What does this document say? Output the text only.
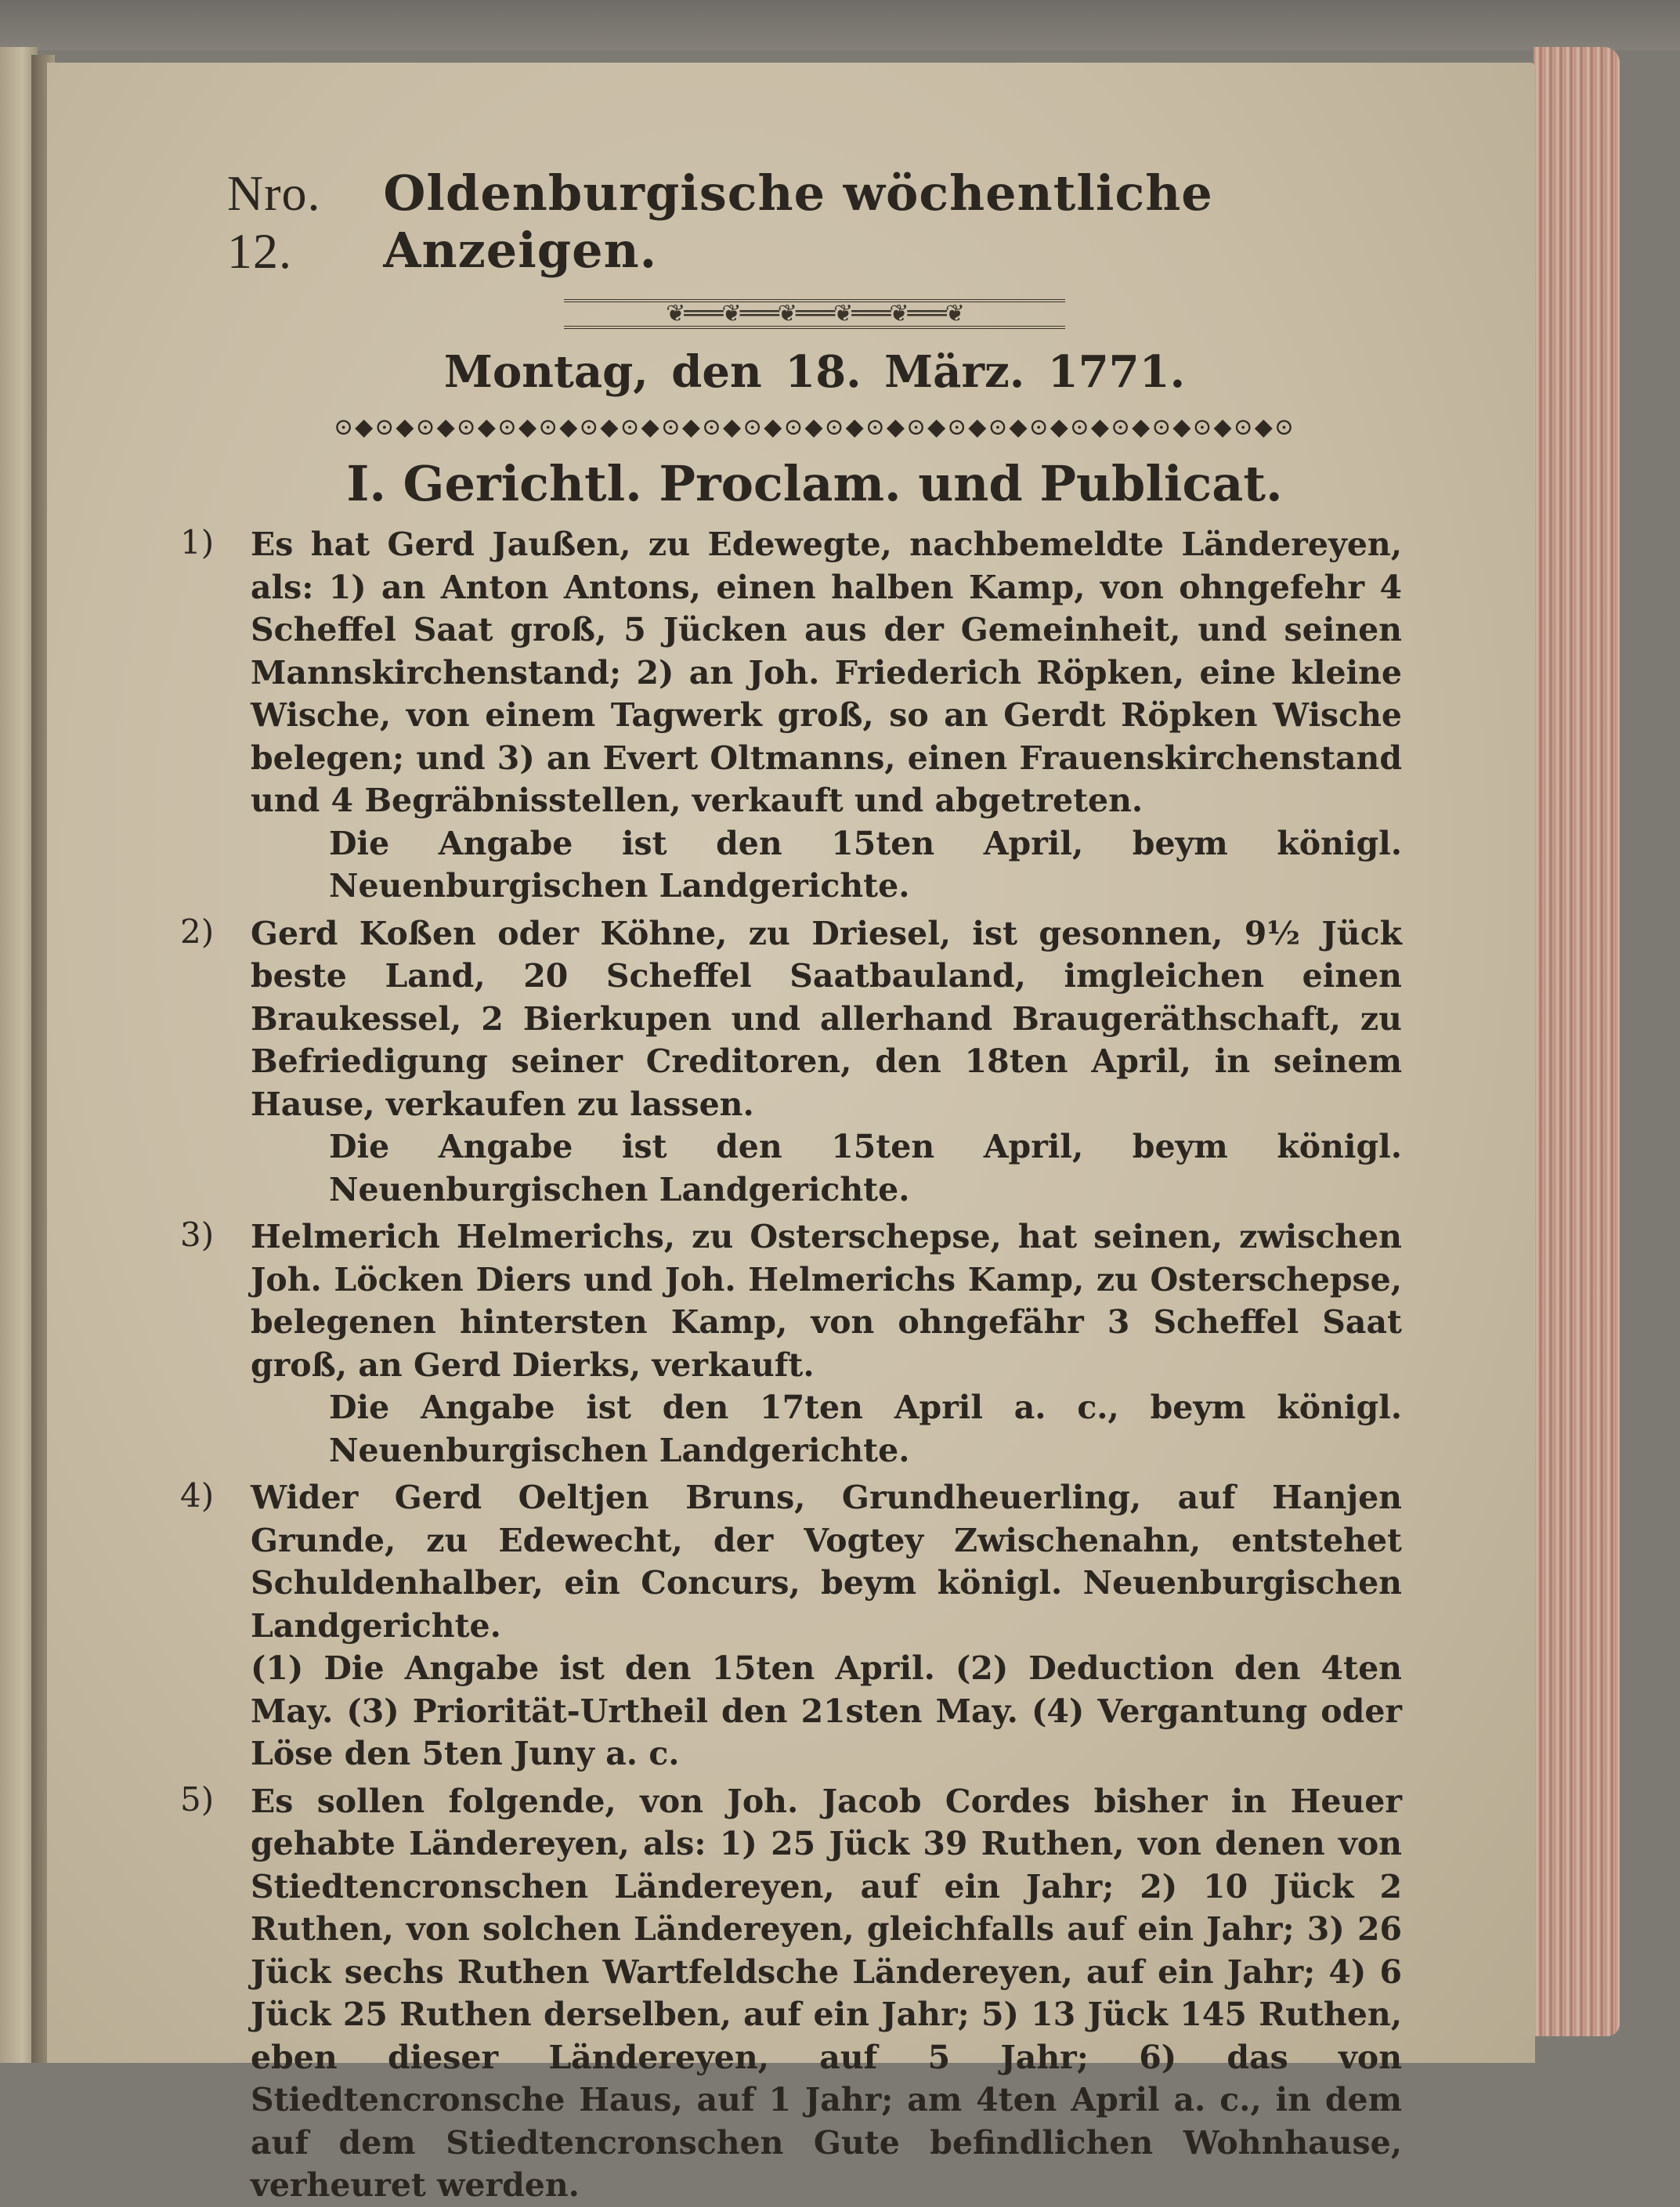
Nro. 12.
Oldenburgische wöchentliche Anzeigen.
❦═══❦═══❦═══❦═══❦═══❦
Montag, den 18. März. 1771.
⊙◆⊙◆⊙◆⊙◆⊙◆⊙◆⊙◆⊙◆⊙◆⊙◆⊙◆⊙◆⊙◆⊙◆⊙◆⊙◆⊙◆⊙◆⊙◆⊙◆⊙◆⊙◆⊙◆⊙
I. Gerichtl. Proclam. und Publicat.
1) Es hat Gerd Jaußen, zu Edewegte, nachbemeldte Ländereyen, als: 1) an Anton Antons, einen halben Kamp, von ohngefehr 4 Scheffel Saat groß, 5 Jücken aus der Gemeinheit, und seinen Mannskirchenstand; 2) an Joh. Friederich Röpken, eine kleine Wische, von einem Tagwerk groß, so an Gerdt Röpken Wische belegen; und 3) an Evert Oltmanns, einen Frauenskirchenstand und 4 Begräbnisstellen, verkauft und abgetreten.
Die Angabe ist den 15ten April, beym königl. Neuenburgischen Landgerichte.
2) Gerd Koßen oder Köhne, zu Driesel, ist gesonnen, 9½ Jück beste Land, 20 Scheffel Saatbauland, imgleichen einen Braukessel, 2 Bierkupen und allerhand Braugeräthschaft, zu Befriedigung seiner Creditoren, den 18ten April, in seinem Hause, verkaufen zu lassen.
Die Angabe ist den 15ten April, beym königl. Neuenburgischen Landgerichte.
3) Helmerich Helmerichs, zu Osterschepse, hat seinen, zwischen Joh. Löcken Diers und Joh. Helmerichs Kamp, zu Osterschepse, belegenen hintersten Kamp, von ohngefähr 3 Scheffel Saat groß, an Gerd Dierks, verkauft.
Die Angabe ist den 17ten April a. c., beym königl. Neuenburgischen Landgerichte.
4) Wider Gerd Oeltjen Bruns, Grundheuerling, auf Hanjen Grunde, zu Edewecht, der Vogtey Zwischenahn, entstehet Schuldenhalber, ein Concurs, beym königl. Neuenburgischen Landgerichte.
(1) Die Angabe ist den 15ten April. (2) Deduction den 4ten May. (3) Priorität-Urtheil den 21sten May. (4) Vergantung oder Löse den 5ten Juny a. c.
5) Es sollen folgende, von Joh. Jacob Cordes bisher in Heuer gehabte Ländereyen, als: 1) 25 Jück 39 Ruthen, von denen von Stiedtencronschen Ländereyen, auf ein Jahr; 2) 10 Jück 2 Ruthen, von solchen Ländereyen, gleichfalls auf ein Jahr; 3) 26 Jück sechs Ruthen Wartfeldsche Ländereyen, auf ein Jahr; 4) 6 Jück 25 Ruthen derselben, auf ein Jahr; 5) 13 Jück 145 Ruthen, eben dieser Ländereyen, auf 5 Jahr; 6) das von Stiedtencronsche Haus, auf 1 Jahr; am 4ten April a. c., in dem auf dem Stiedtencronschen Gute befindlichen Wohnhause, verheuret werden.
